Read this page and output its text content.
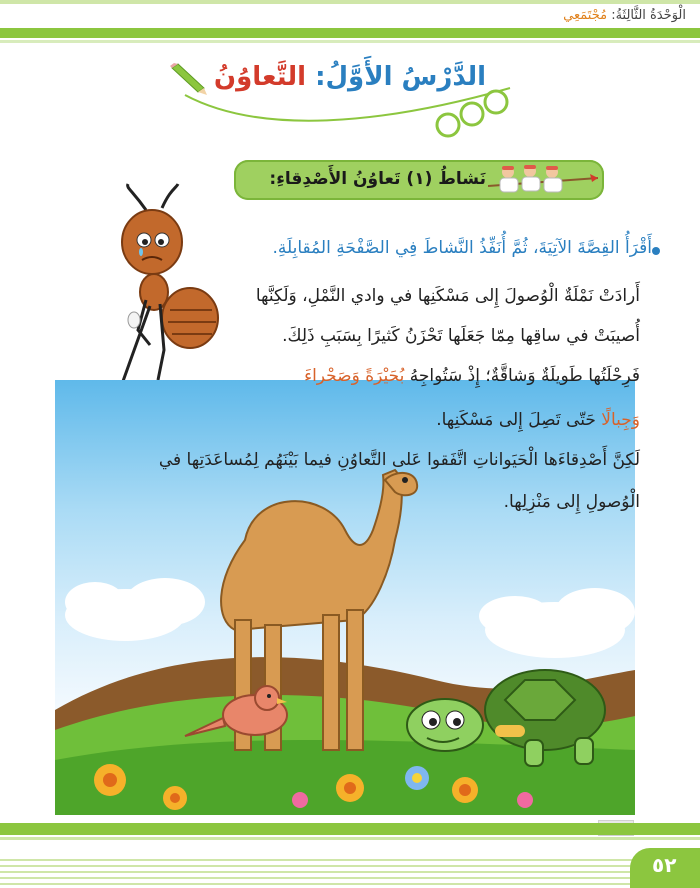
الْوَحْدَةُ الثَّالِثَةُ: مُجْتَمَعِي
الدَّرْسُ الأَوَّلُ: التَّعاوُنُ
نَشاطُ (١) تَعاوُنُ الأَصْدِقاءِ:
أَقْرَأُ القِصَّةَ الآتِيَةَ، ثُمَّ أُنَفِّذُ النَّشاطَ فِي الصَّفْحَةِ المُقابِلَةِ.
أَرادَتْ نَمْلَةٌ الْوُصولَ إِلى مَسْكَنِها في وادي النَّمْلِ، وَلَكِنَّها
أُصيبَتْ في ساقِها مِمّا جَعَلَها تَحْزَنُ كَثيرًا بِسَبَبِ ذَلِكَ.
فَرِحْلَتُها طَويلَةٌ وَشاقَّةٌ؛ إِذْ سَتُواجِهُ بُحَيْرَةً وَصَحْراءَ
وَجِبالًا حَتّى تَصِلَ إِلى مَسْكَنِها.
لَكِنَّ أَصْدِقاءَها الْحَيَواناتِ اتَّفَقوا عَلى التَّعاوُنِ فيما بَيْنَهُم لِمُساعَدَتِها في
الْوُصولِ إِلى مَنْزِلِها.
٥٢
